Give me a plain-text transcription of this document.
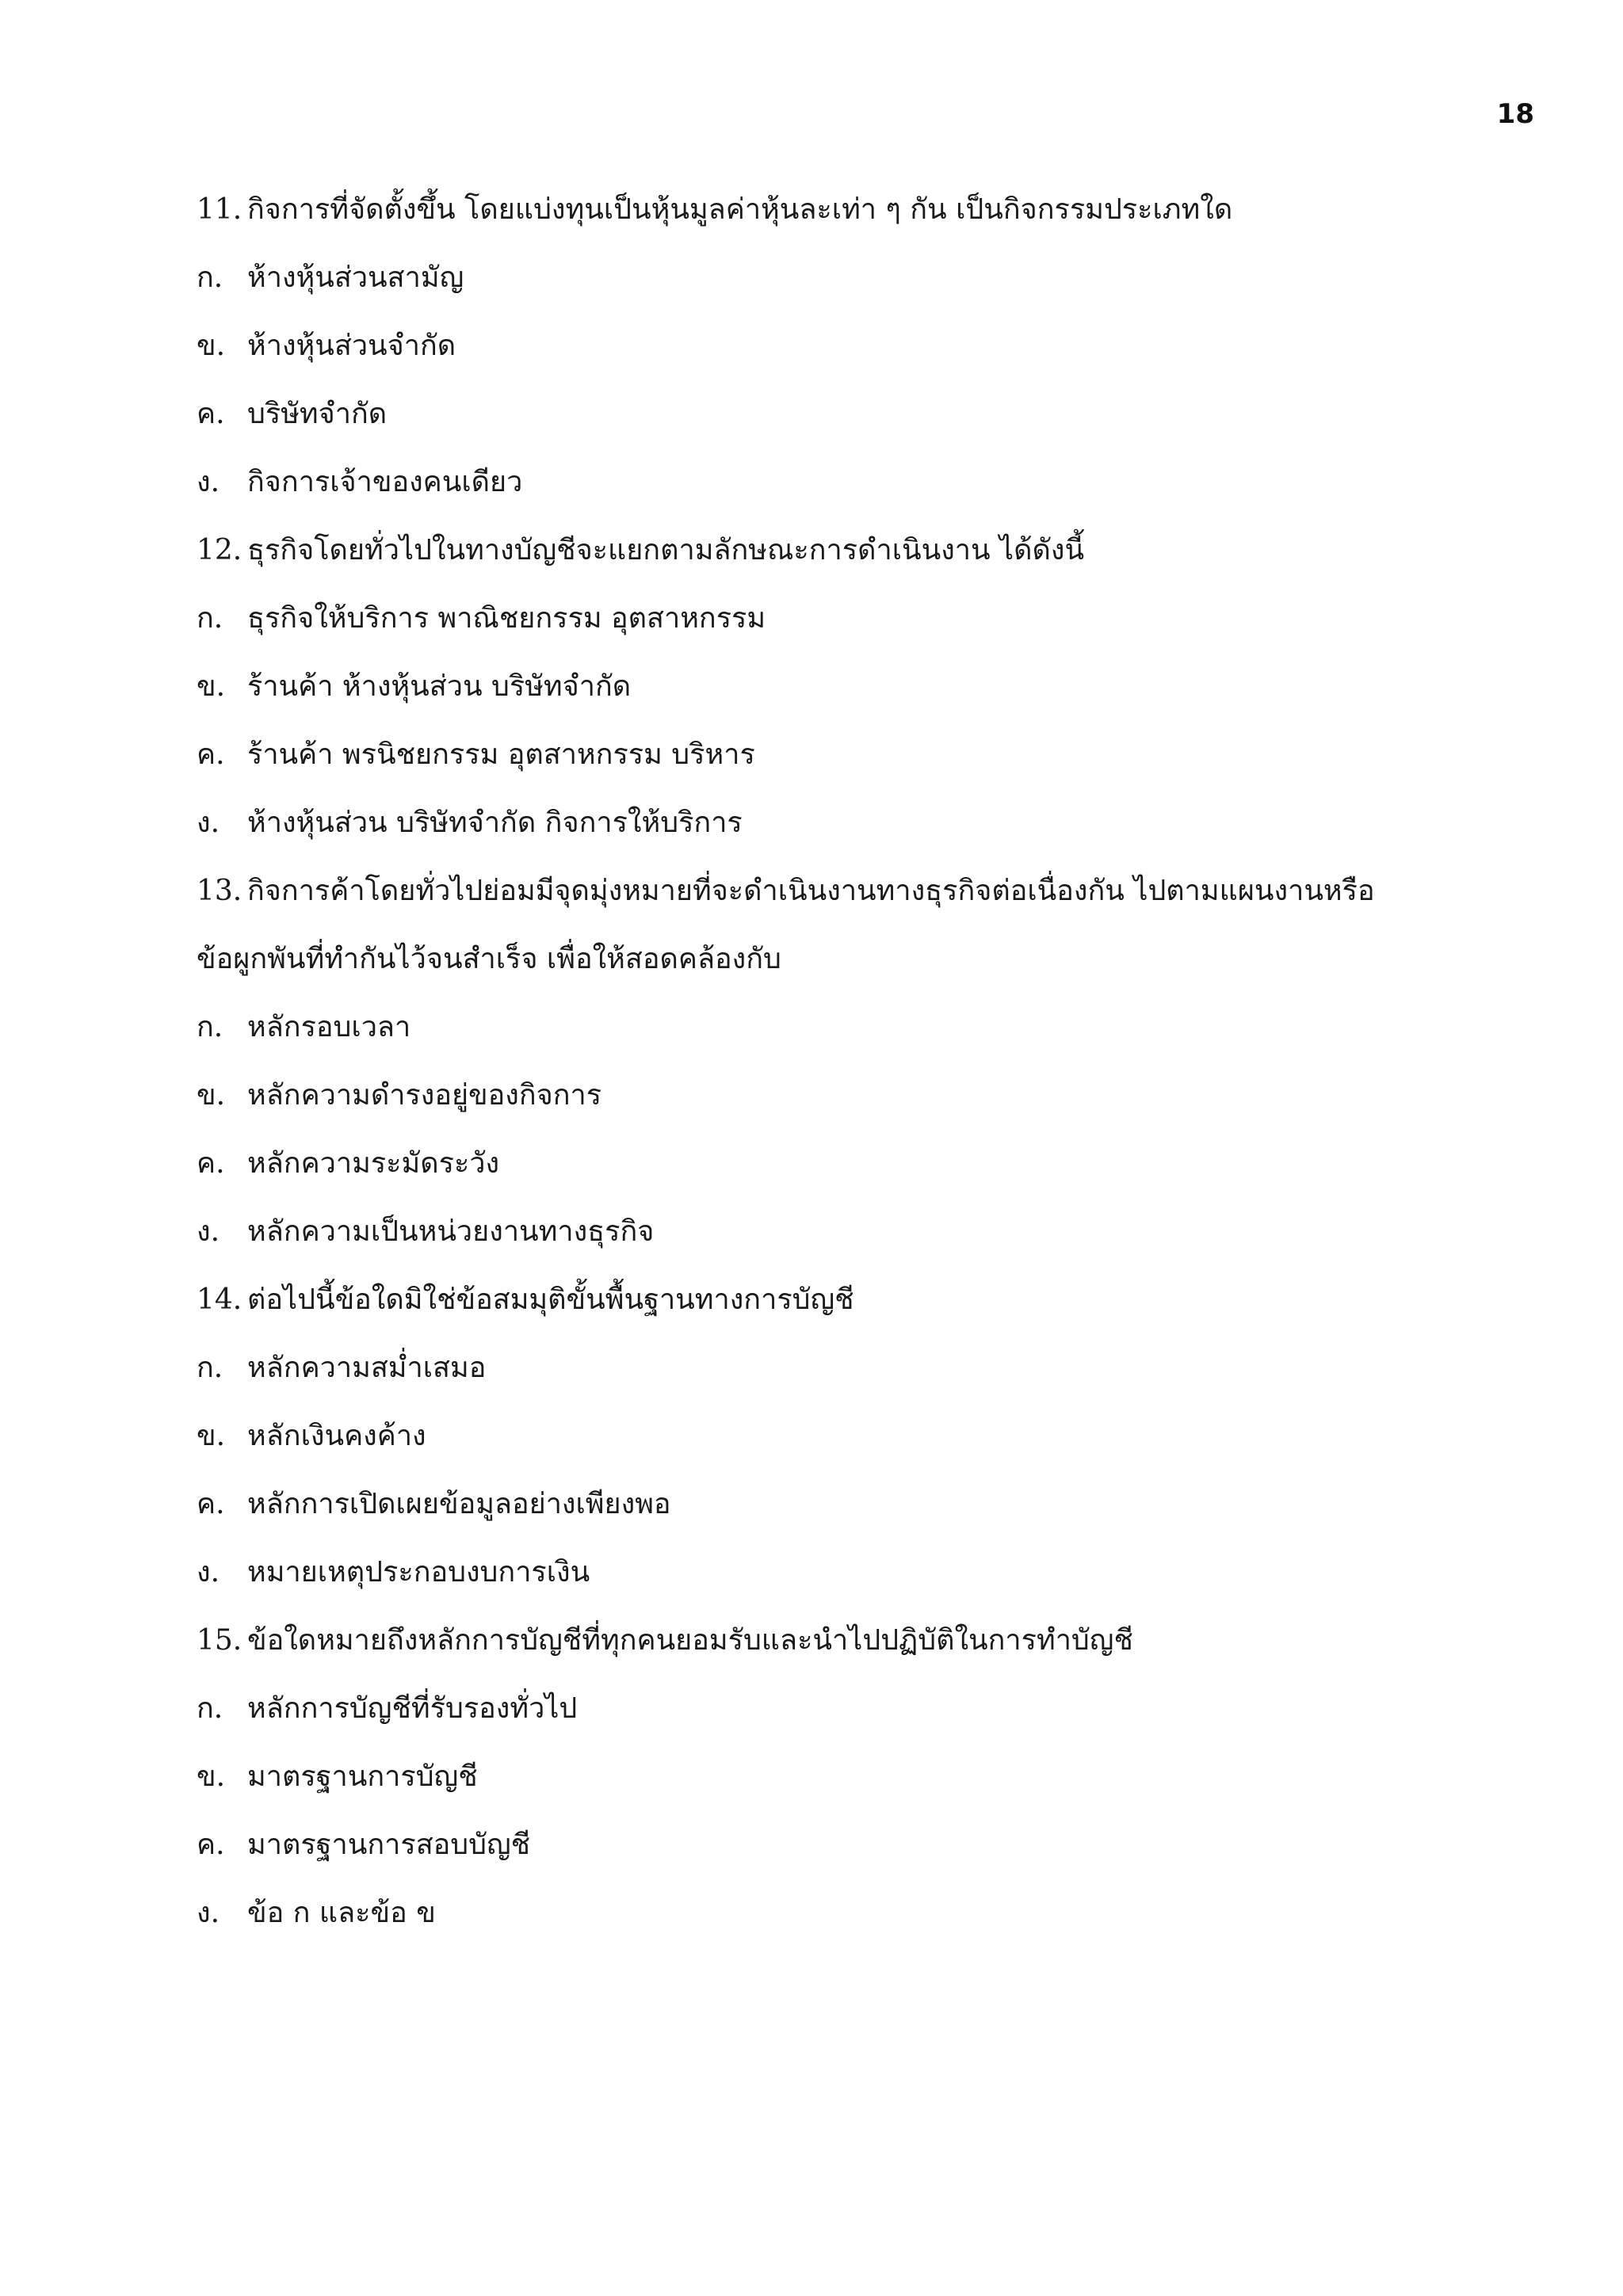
18
11. กิจการที่จัดตั้งขึ้น โดยแบ่งทุนเป็นหุ้นมูลค่าหุ้นละเท่า ๆ กัน เป็นกิจกรรมประเภทใด
ก. ห้างหุ้นส่วนสามัญ
ข. ห้างหุ้นส่วนจำกัด
ค. บริษัทจำกัด
ง. กิจการเจ้าของคนเดียว
12. ธุรกิจโดยทั่วไปในทางบัญชีจะแยกตามลักษณะการดำเนินงาน ได้ดังนี้
ก. ธุรกิจให้บริการ พาณิชยกรรม อุตสาหกรรม
ข. ร้านค้า ห้างหุ้นส่วน บริษัทจำกัด
ค. ร้านค้า พรนิชยกรรม อุตสาหกรรม บริหาร
ง. ห้างหุ้นส่วน บริษัทจำกัด กิจการให้บริการ
13. กิจการค้าโดยทั่วไปย่อมมีจุดมุ่งหมายที่จะดำเนินงานทางธุรกิจต่อเนื่องกัน ไปตามแผนงานหรือ
ข้อผูกพันที่ทำกันไว้จนสำเร็จ เพื่อให้สอดคล้องกับ
ก. หลักรอบเวลา
ข. หลักความดำรงอยู่ของกิจการ
ค. หลักความระมัดระวัง
ง. หลักความเป็นหน่วยงานทางธุรกิจ
14. ต่อไปนี้ข้อใดมิใช่ข้อสมมุติขั้นพื้นฐานทางการบัญชี
ก. หลักความสม่ำเสมอ
ข. หลักเงินคงค้าง
ค. หลักการเปิดเผยข้อมูลอย่างเพียงพอ
ง. หมายเหตุประกอบงบการเงิน
15. ข้อใดหมายถึงหลักการบัญชีที่ทุกคนยอมรับและนำไปปฏิบัติในการทำบัญชี
ก. หลักการบัญชีที่รับรองทั่วไป
ข. มาตรฐานการบัญชี
ค. มาตรฐานการสอบบัญชี
ง. ข้อ ก และข้อ ข
